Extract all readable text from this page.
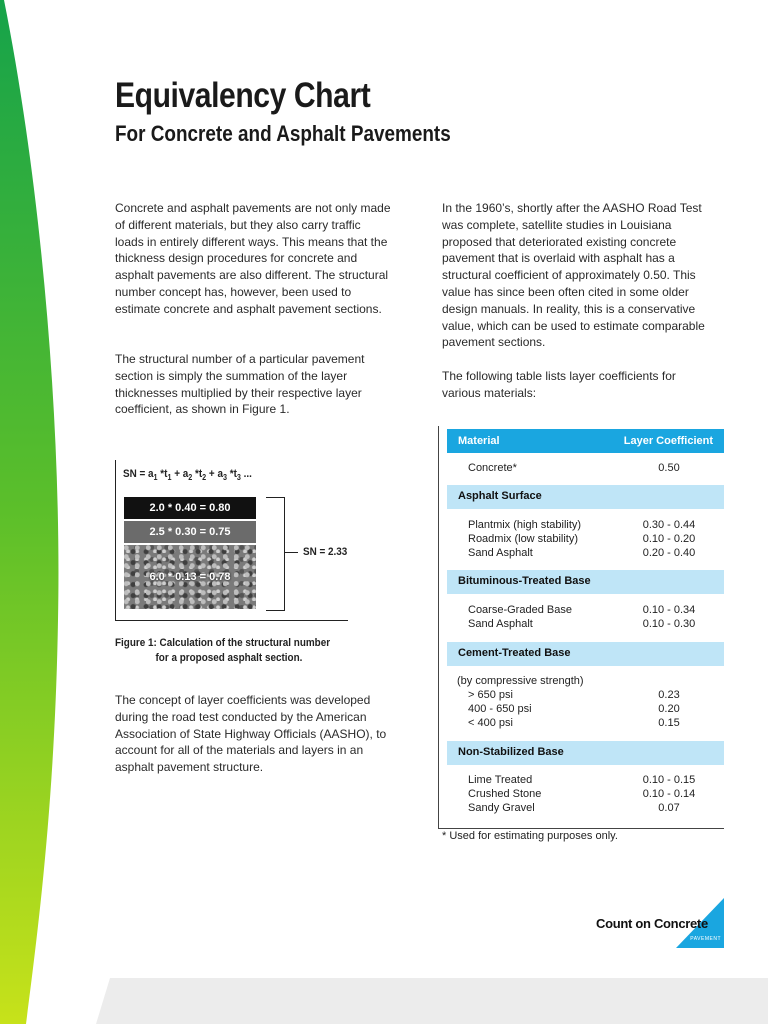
Equivalency Chart
For Concrete and Asphalt Pavements

Concrete and asphalt pavements are not only made of different materials, but they also carry traffic loads in entirely different ways. This means that the thickness design procedures for concrete and asphalt pavements are also different. The structural number concept has, however, been used to estimate concrete and asphalt pavement sections.

The structural number of a particular pavement section is simply the summation of the layer thicknesses multiplied by their respective layer coefficient, as shown in Figure 1.

SN = $a_1$ $*t_1 + a_2$ $*t_2 + a_3$ $*t_3$ ...
2.0 * 0.40 = 0.80
2.5 * 0.30 = 0.75
6.0 * 0.13 = 0.78
SN = 2.33
Figure 1: Calculation of the structural number
for a proposed asphalt section.

The concept of layer coefficients was developed during the road test conducted by the American Association of State Highway Officials (AASHO), to account for all of the materials and layers in an asphalt pavement structure.

In the 1960’s, shortly after the AASHO Road Test was complete, satellite studies in Louisiana proposed that deteriorated existing concrete pavement that is overlaid with asphalt has a structural coefficient of approximately 0.50. This value has since been often cited in some older design manuals. In reality, this is a conservative value, which can be used to estimate comparable pavement sections.

The following table lists layer coefficients for various materials:

Material	Layer Coefficient
Concrete*	0.50
Asphalt Surface
Plantmix (high stability)	0.30 - 0.44
Roadmix (low stability)	0.10 - 0.20
Sand Asphalt	0.20 - 0.40
Bituminous-Treated Base
Coarse-Graded Base	0.10 - 0.34
Sand Asphalt	0.10 - 0.30
Cement-Treated Base
(by compressive strength)
> 650 psi	0.23
400 - 650 psi	0.20
< 400 psi	0.15
Non-Stabilized Base
Lime Treated	0.10 - 0.15
Crushed Stone	0.10 - 0.14
Sandy Gravel	0.07
* Used for estimating purposes only.
Count on Concrete
PAVEMENT
